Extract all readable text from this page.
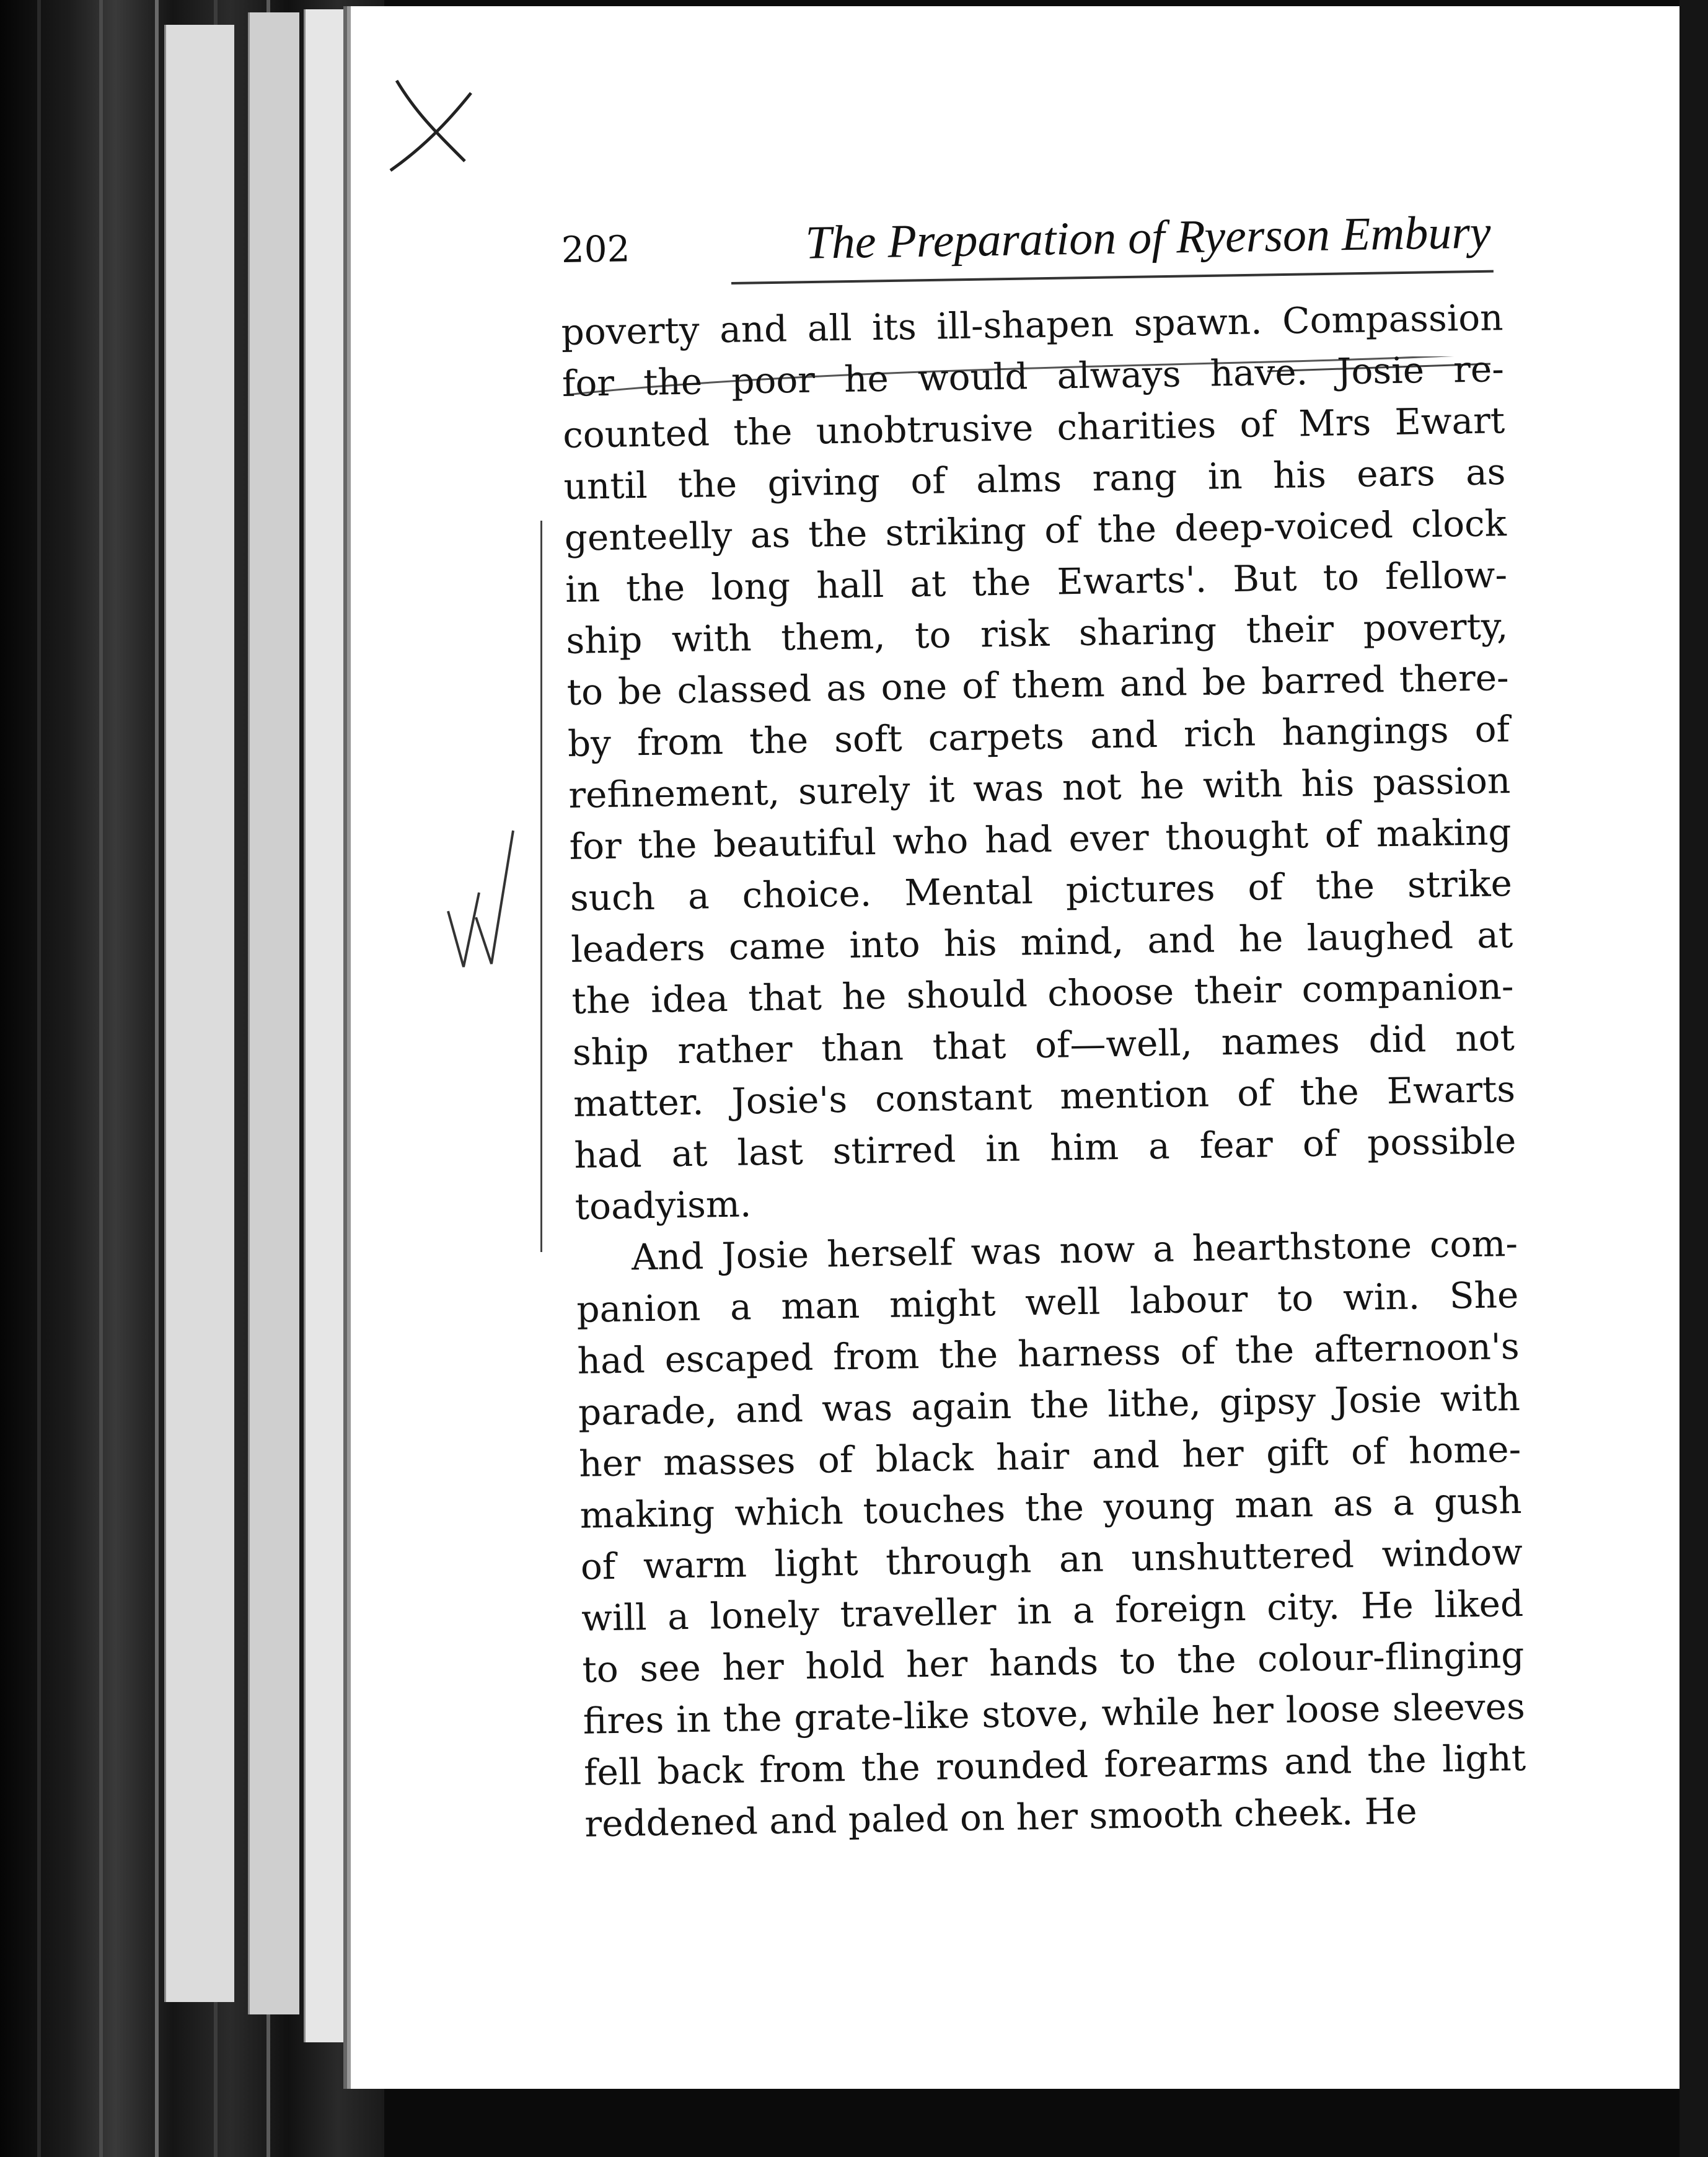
202	The Preparation of Ryerson Embury
poverty and all its ill-shapen spawn. Compassion
for the poor he would always have. Josie re-
counted the unobtrusive charities of Mrs Ewart
until the giving of alms rang in his ears as
genteelly as the striking of the deep-voiced clock
in the long hall at the Ewarts'. But to fellow-
ship with them, to risk sharing their poverty,
to be classed as one of them and be barred there-
by from the soft carpets and rich hangings of
refinement, surely it was not he with his passion
for the beautiful who had ever thought of making
such a choice. Mental pictures of the strike
leaders came into his mind, and he laughed at
the idea that he should choose their companion-
ship rather than that of—well, names did not
matter. Josie's constant mention of the Ewarts
had at last stirred in him a fear of possible
toadyism.
And Josie herself was now a hearthstone com-
panion a man might well labour to win. She
had escaped from the harness of the afternoon's
parade, and was again the lithe, gipsy Josie with
her masses of black hair and her gift of home-
making which touches the young man as a gush
of warm light through an unshuttered window
will a lonely traveller in a foreign city. He liked
to see her hold her hands to the colour-flinging
fires in the grate-like stove, while her loose sleeves
fell back from the rounded forearms and the light
reddened and paled on her smooth cheek. He
